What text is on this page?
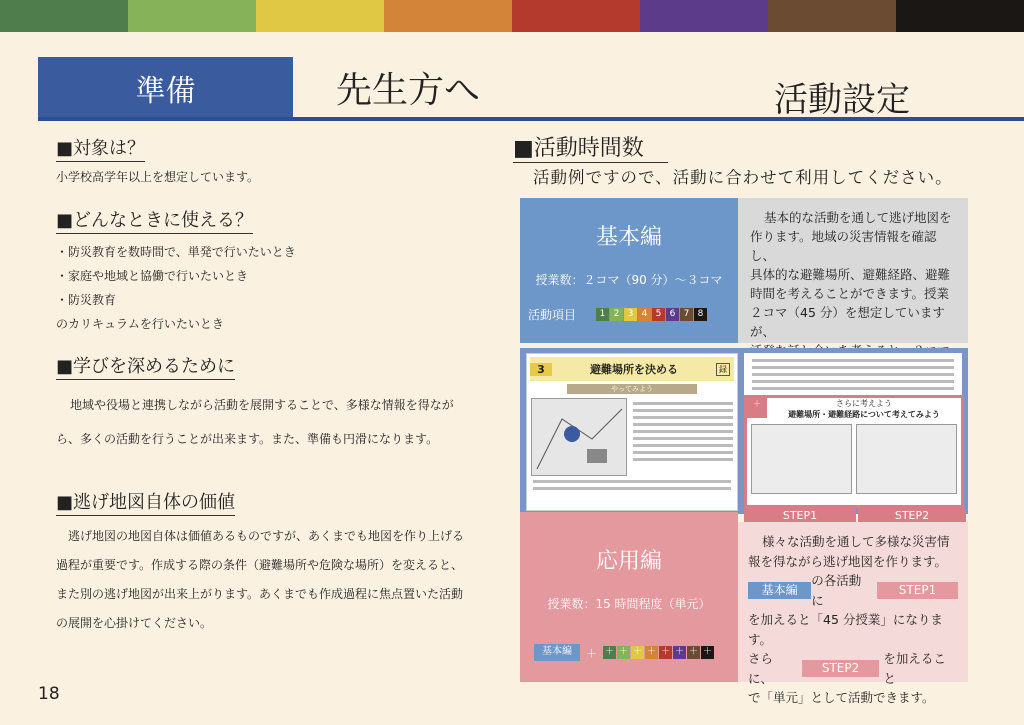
準備	先生方へ	活動設定
■対象は？
小学校高学年以上を想定しています。
■どんなときに使える？
・防災教育を数時間で、単発で行いたいとき
・家庭や地域と協働で行いたいとき
・防災教育
のカリキュラムを行いたいとき
■学びを深めるために
地域や役場と連携しながら活動を展開することで、多様な情報を得なが
ら、多くの活動を行うことが出来ます。また、準備も円滑になります。
■逃げ地図自体の価値
逃げ地図の地図自体は価値あるものですが、あくまでも地図を作り上げる
過程が重要です。作成する際の条件（避難場所や危険な場所）を変えると、
また別の逃げ地図が出来上がります。あくまでも作成過程に焦点置いた活動
の展開を心掛けてください。
18
■活動時間数
活動例ですので、活動に合わせて利用してください。
基本編
授業数：２コマ（90 分）～３コマ
活動項目	1 2 3 4 5 6 7 8
基本的な活動を通して逃げ地図を
作ります。地域の災害情報を確認し、
具体的な避難場所、避難経路、避難
時間を考えることができます。授業
２コマ（45 分）を想定していますが、
3	避難場所を決める	録
やってみよう
＋	さらに考えよう
避難場所・避難経路について考えてみよう
STEP1	STEP2
応用編
授業数：15 時間程度（単元）
基本編	＋ ＋ ＋ ＋ ＋ ＋ ＋ ＋ ＋
様々な活動を通して多様な災害情
報を得ながら逃げ地図を作ります。
基本編
の各活動に
STEP1
を加えると「45 分授業」になります。
さらに、
STEP2
を加えること
で「単元」として活動できます。
